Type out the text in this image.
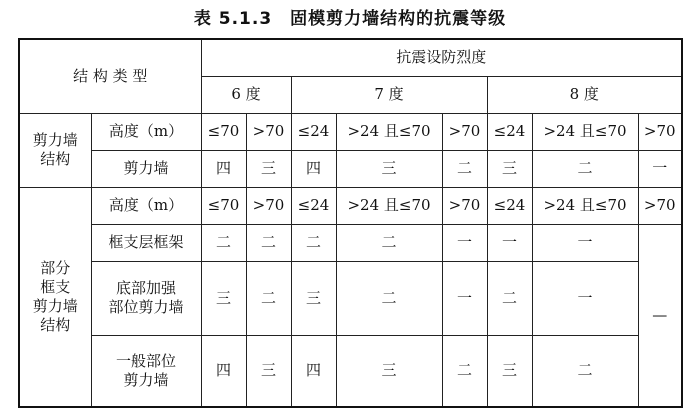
表 5.1.3　固模剪力墙结构的抗震等级
结 构 类 型		抗震设防烈度							
		6 度		7 度			8 度		
剪力墙
结构	高度（m）	≤70	>70	≤24	>24 且≤70	>70	≤24	>24 且≤70	>70
	剪力墙	四	三	四	三	二	三	二	一
部分
框支
剪力墙
结构	高度（m）	≤70	>70	≤24	>24 且≤70	>70	≤24	>24 且≤70	>70
	框支层框架	二	二	二	二	一	一	一	—
	底部加强
部位剪力墙	三	二	三	二	一	二	一	
	一般部位
剪力墙	四	三	四	三	二	三	二	
